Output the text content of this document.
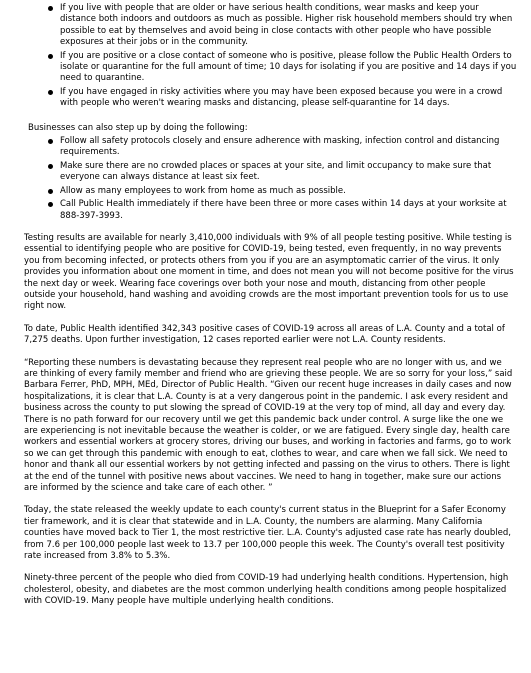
If you live with people that are older or have serious health conditions, wear masks and keep your distance both indoors and outdoors as much as possible. Higher risk household members should try when possible to eat by themselves and avoid being in close contacts with other people who have possible exposures at their jobs or in the community.
If you are positive or a close contact of someone who is positive, please follow the Public Health Orders to isolate or quarantine for the full amount of time; 10 days for isolating if you are positive and 14 days if you need to quarantine.
If you have engaged in risky activities where you may have been exposed because you were in a crowd with people who weren't wearing masks and distancing, please self-quarantine for 14 days.

Businesses can also step up by doing the following:

Follow all safety protocols closely and ensure adherence with masking, infection control and distancing requirements.
Make sure there are no crowded places or spaces at your site, and limit occupancy to make sure that everyone can always distance at least six feet.
Allow as many employees to work from home as much as possible.
Call Public Health immediately if there have been three or more cases within 14 days at your worksite at 888-397-3993.

Testing results are available for nearly 3,410,000 individuals with 9% of all people testing positive. While testing is essential to identifying people who are positive for COVID-19, being tested, even frequently, in no way prevents you from becoming infected, or protects others from you if you are an asymptomatic carrier of the virus. It only provides you information about one moment in time, and does not mean you will not become positive for the virus the next day or week. Wearing face coverings over both your nose and mouth, distancing from other people outside your household, hand washing and avoiding crowds are the most important prevention tools for us to use right now.

To date, Public Health identified 342,343 positive cases of COVID-19 across all areas of L.A. County and a total of 7,275 deaths. Upon further investigation, 12 cases reported earlier were not L.A. County residents.

“Reporting these numbers is devastating because they represent real people who are no longer with us, and we are thinking of every family member and friend who are grieving these people. We are so sorry for your loss,” said Barbara Ferrer, PhD, MPH, MEd, Director of Public Health. “Given our recent huge increases in daily cases and now hospitalizations, it is clear that L.A. County is at a very dangerous point in the pandemic. I ask every resident and business across the county to put slowing the spread of COVID-19 at the very top of mind, all day and every day. There is no path forward for our recovery until we get this pandemic back under control. A surge like the one we are experiencing is not inevitable because the weather is colder, or we are fatigued. Every single day, health care workers and essential workers at grocery stores, driving our buses, and working in factories and farms, go to work so we can get through this pandemic with enough to eat, clothes to wear, and care when we fall sick. We need to honor and thank all our essential workers by not getting infected and passing on the virus to others. There is light at the end of the tunnel with positive news about vaccines. We need to hang in together, make sure our actions are informed by the science and take care of each other. ”

Today, the state released the weekly update to each county's current status in the Blueprint for a Safer Economy tier framework, and it is clear that statewide and in L.A. County, the numbers are alarming. Many California counties have moved back to Tier 1, the most restrictive tier. L.A. County's adjusted case rate has nearly doubled, from 7.6 per 100,000 people last week to 13.7 per 100,000 people this week. The County's overall test positivity rate increased from 3.8% to 5.3%.

Ninety-three percent of the people who died from COVID-19 had underlying health conditions. Hypertension, high cholesterol, obesity, and diabetes are the most common underlying health conditions among people hospitalized with COVID-19. Many people have multiple underlying health conditions.
